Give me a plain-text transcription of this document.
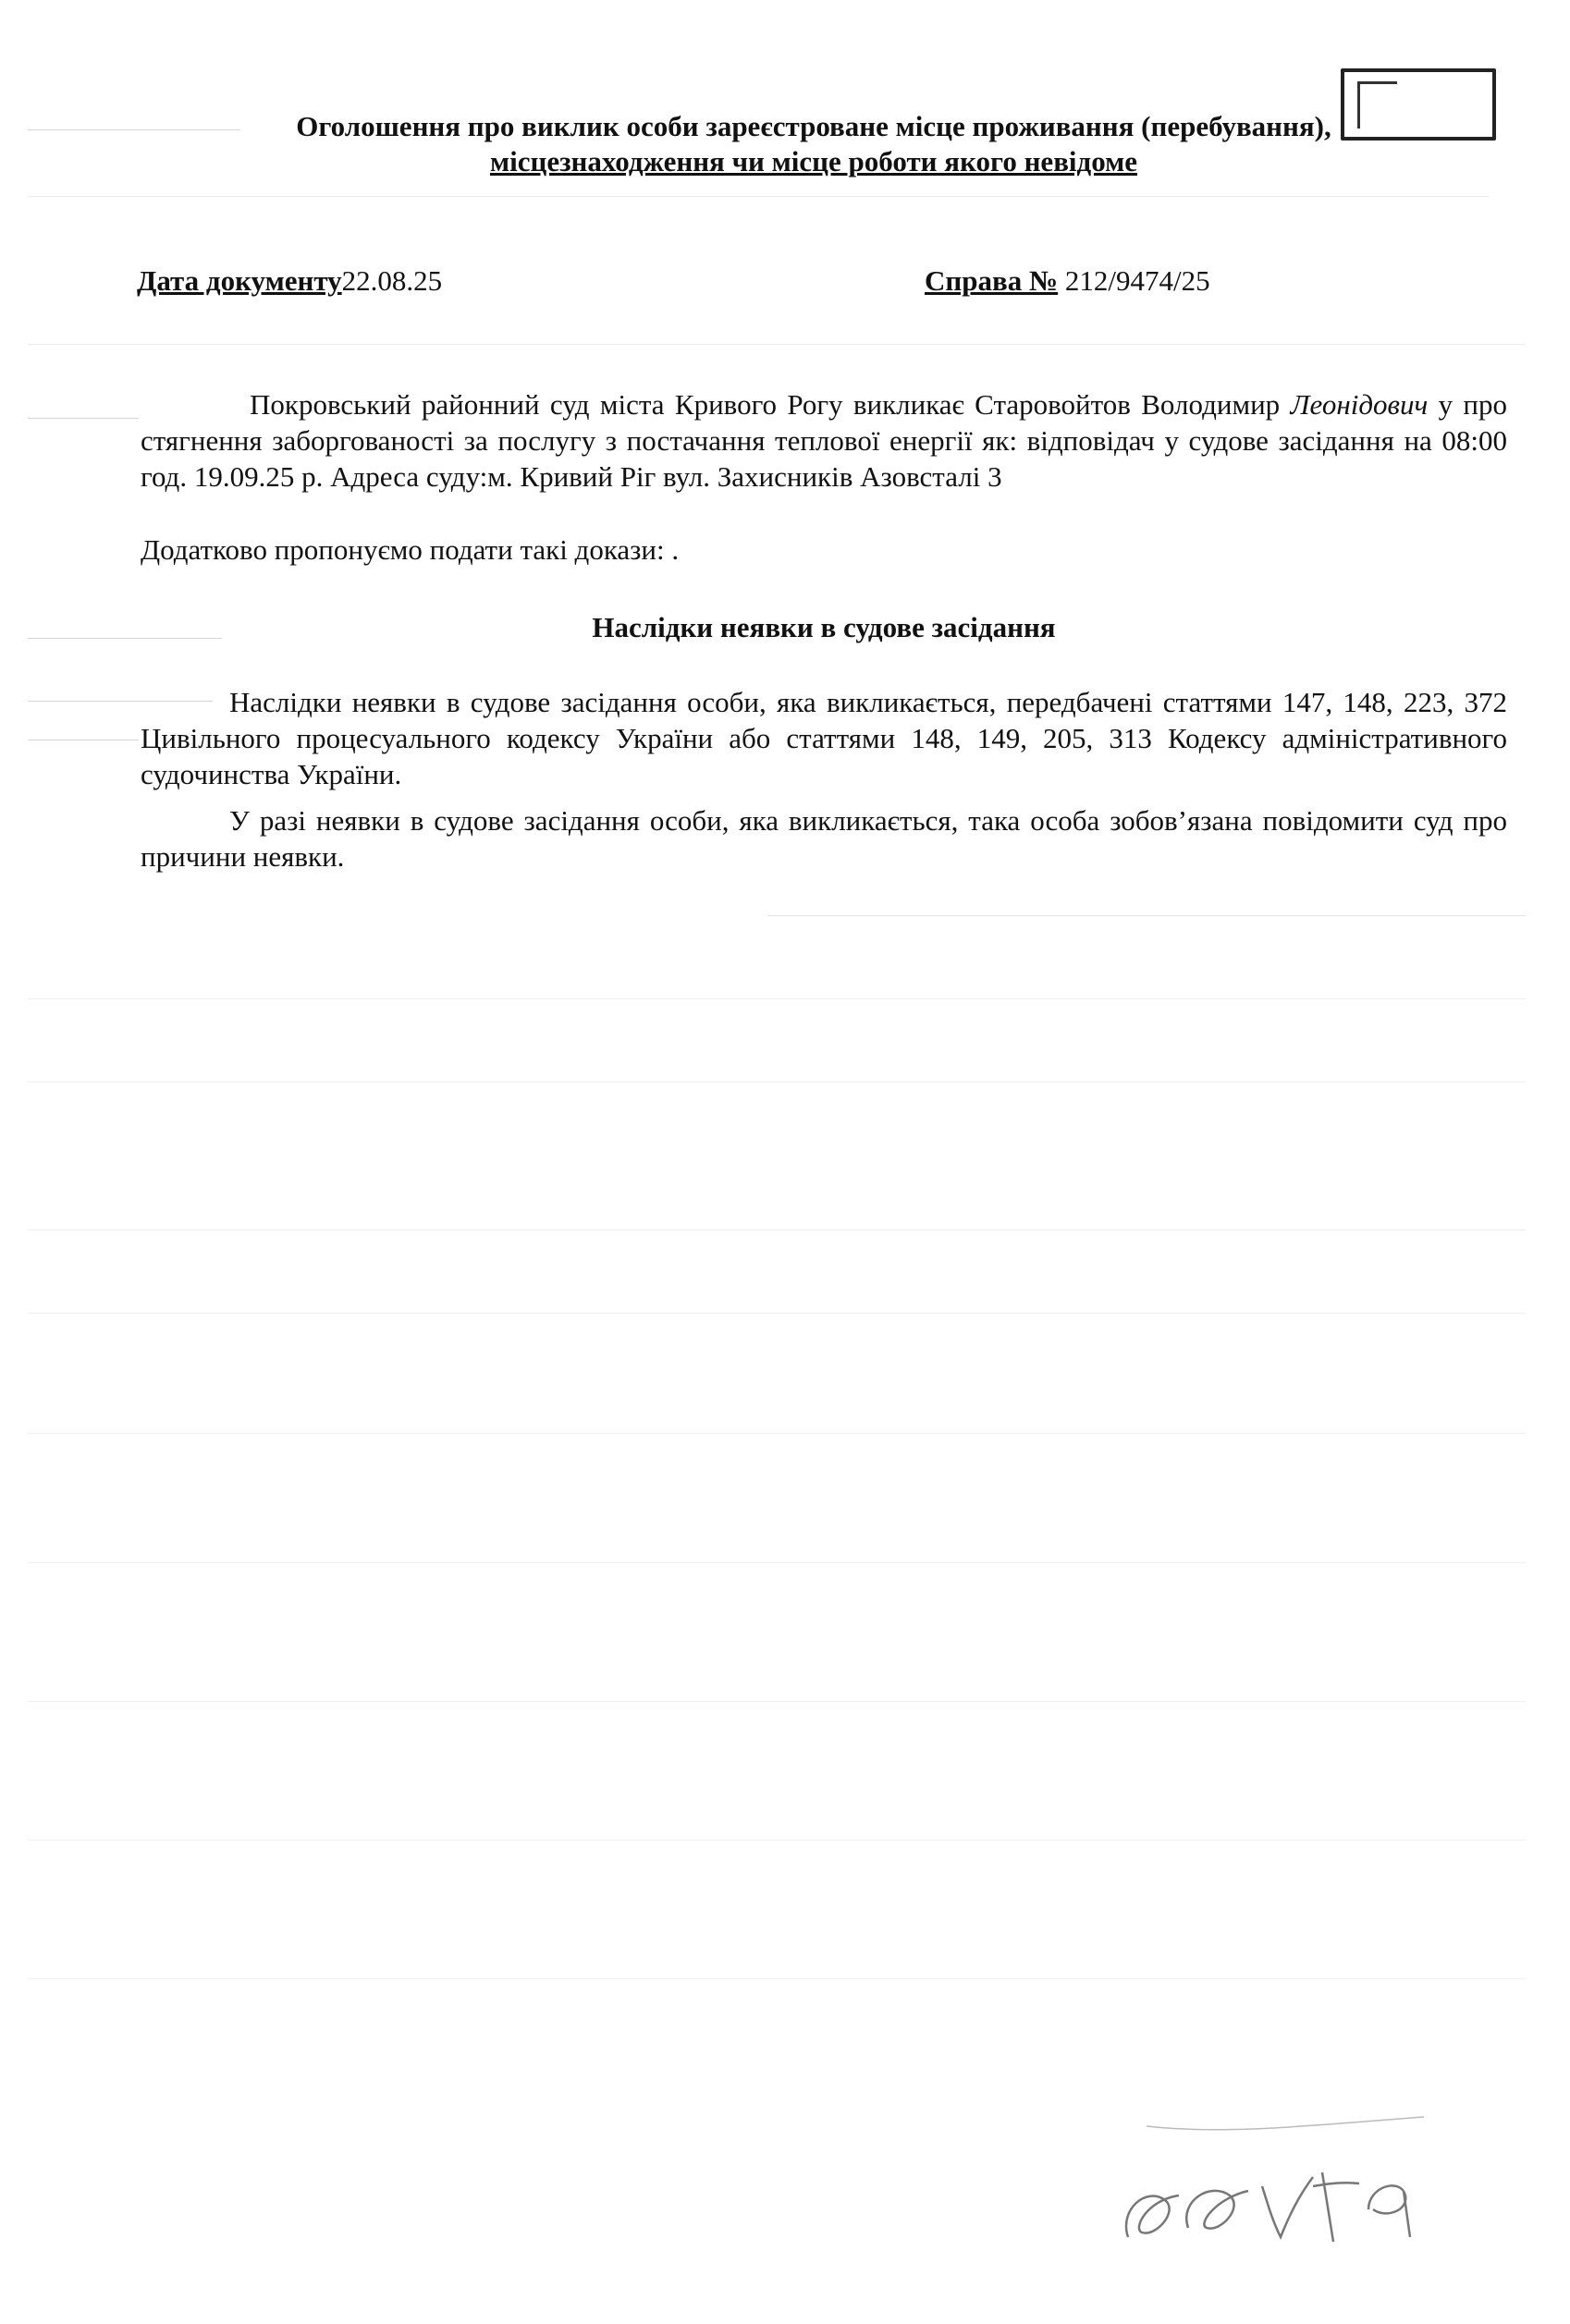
Оголошення про виклик особи зареєстроване місце проживання (перебування),
місцезнаходження чи місце роботи якого невідоме
Дата документу22.08.25	Справа № 212/9474/25
Покровський районний суд міста Кривого Рогу викликає Старовойтов Володимир Леонідович у про стягнення заборгованості за послугу з постачання теплової енергії як: відповідач у судове засідання на 08:00 год. 19.09.25 р. Адреса суду:м. Кривий Ріг вул. Захисників Азовсталі 3
Додатково пропонуємо подати такі докази: .
Наслідки неявки в судове засідання
Наслідки неявки в судове засідання особи, яка викликається, передбачені статтями 147, 148, 223, 372 Цивільного процесуального кодексу України або статтями 148, 149, 205, 313 Кодексу адміністративного судочинства України.
У разі неявки в судове засідання особи, яка викликається, така особа зобов’язана повідомити суд про причини неявки.
